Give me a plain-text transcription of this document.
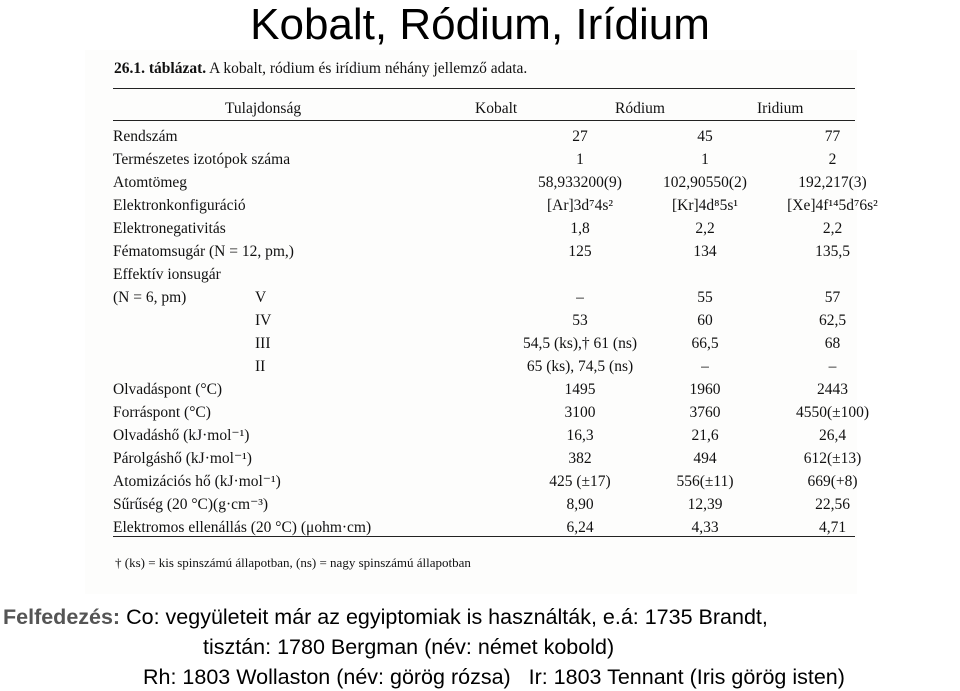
Kobalt, Ródium, Irídium
26.1. táblázat. A kobalt, ródium és irídium néhány jellemző adata.
Tulajdonság	Kobalt	Ródium	Iridium
Rendszám	27	45	77
Természetes izotópok száma	1	1	2
Atomtömeg	58,933200(9)	102,90550(2)	192,217(3)
Elektronkonfiguráció	[Ar]3d⁷4s²	[Kr]4d⁸5s¹	[Xe]4f¹⁴5d⁷6s²
Elektronegativitás	1,8	2,2	2,2
Fématomsugár (N = 12, pm,)	125	134	135,5
Effektív ionsugár
(N = 6, pm)	V	–	55	57
IV	53	60	62,5
III	54,5 (ks),† 61 (ns)	66,5	68
II	65 (ks), 74,5 (ns)	–	–
Olvadáspont (°C)	1495	1960	2443
Forráspont (°C)	3100	3760	4550(±100)
Olvadáshő (kJ·mol⁻¹)	16,3	21,6	26,4
Párolgáshő (kJ·mol⁻¹)	382	494	612(±13)
Atomizációs hő (kJ·mol⁻¹)	425 (±17)	556(±11)	669(+8)
Sűrűség (20 °C)(g·cm⁻³)	8,90	12,39	22,56
Elektromos ellenállás (20 °C) (μohm·cm)	6,24	4,33	4,71
† (ks) = kis spinszámú állapotban, (ns) = nagy spinszámú állapotban
Felfedezés: Co: vegyületeit már az egyiptomiak is használták, e.á: 1735 Brandt,
tisztán: 1780 Bergman (név: német kobold)
Rh: 1803 Wollaston (név: görög rózsa)   Ir: 1803 Tennant (Iris görög isten)
